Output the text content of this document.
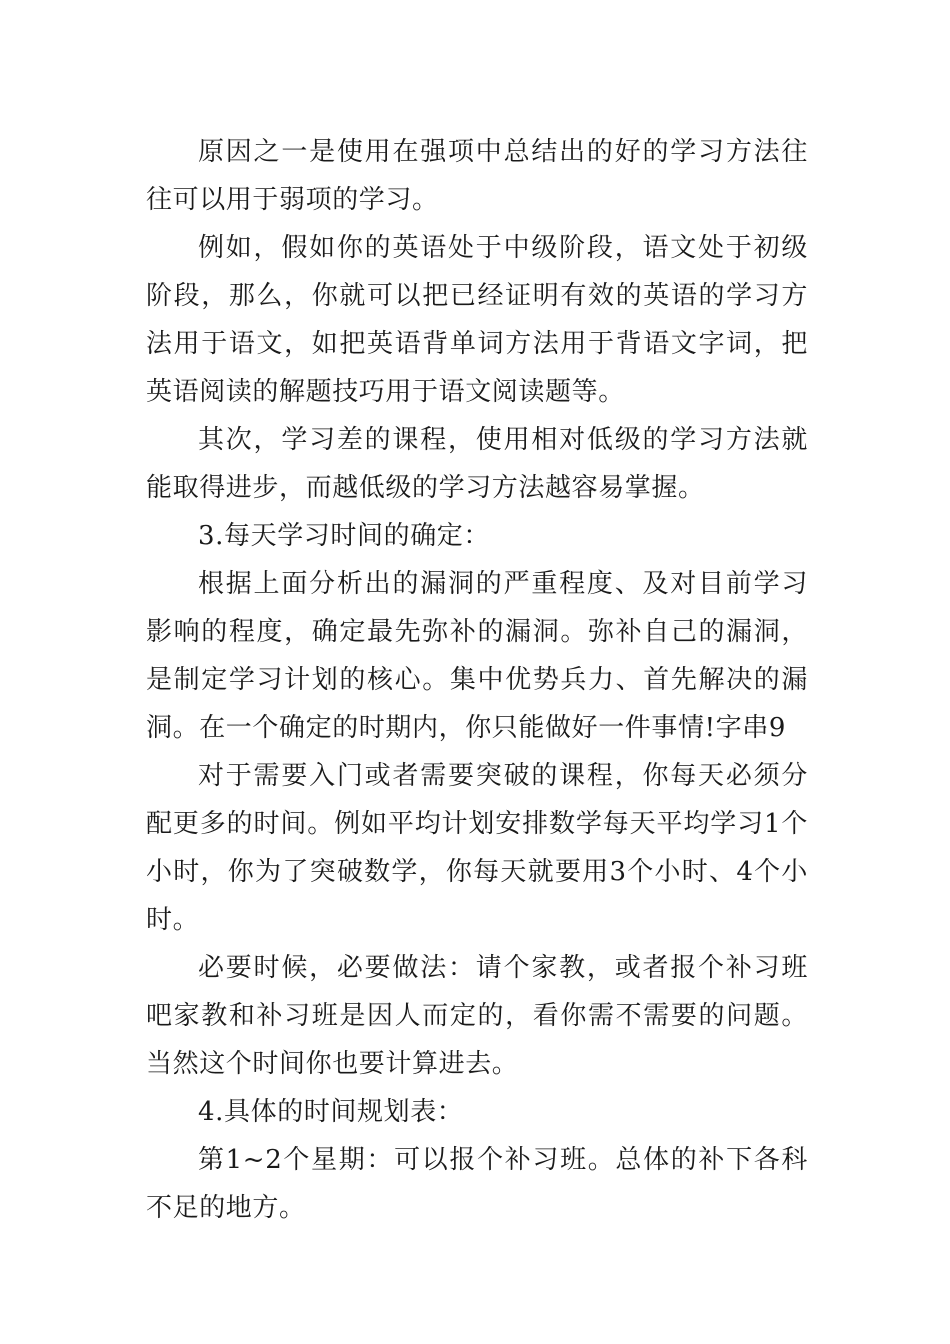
原因之一是使用在强项中总结出的好的学习方法往往可以用于弱项的学习。

例如，假如你的英语处于中级阶段，语文处于初级阶段，那么，你就可以把已经证明有效的英语的学习方法用于语文，如把英语背单词方法用于背语文字词，把英语阅读的解题技巧用于语文阅读题等。

其次，学习差的课程，使用相对低级的学习方法就能取得进步，而越低级的学习方法越容易掌握。

3.每天学习时间的确定：

根据上面分析出的漏洞的严重程度、及对目前学习影响的程度，确定最先弥补的漏洞。弥补自己的漏洞，是制定学习计划的核心。集中优势兵力、首先解决的漏洞。在一个确定的时期内，你只能做好一件事情!字串9

对于需要入门或者需要突破的课程，你每天必须分配更多的时间。例如平均计划安排数学每天平均学习1个小时，你为了突破数学，你每天就要用3个小时、4个小时。

必要时候，必要做法：请个家教，或者报个补习班吧家教和补习班是因人而定的，看你需不需要的问题。当然这个时间你也要计算进去。

4.具体的时间规划表：

第1~2个星期：可以报个补习班。总体的补下各科不足的地方。
